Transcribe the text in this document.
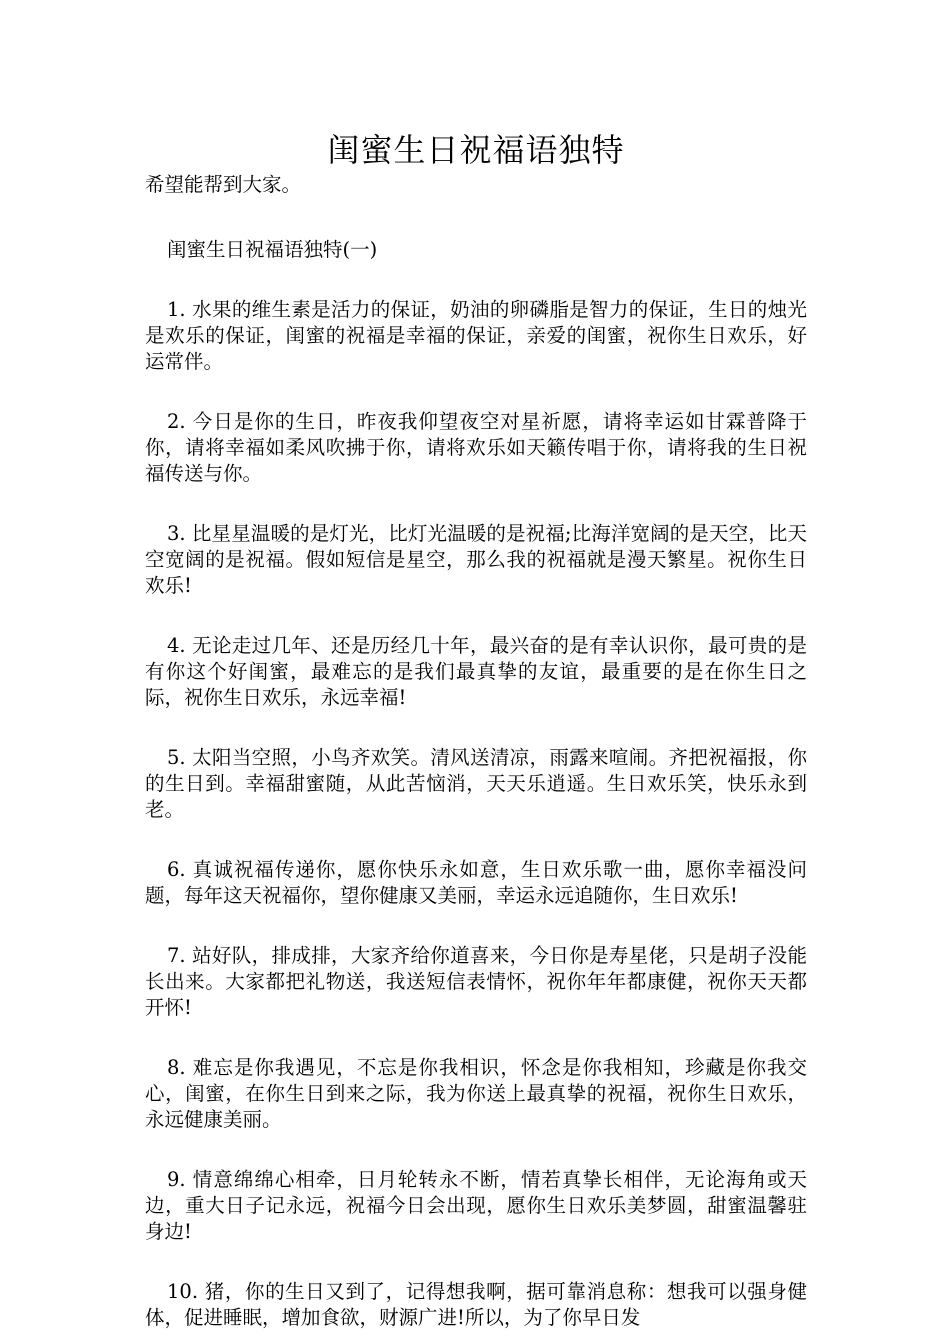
闺蜜生日祝福语独特

希望能帮到大家。

闺蜜生日祝福语独特(一)

1. 水果的维生素是活力的保证，奶油的卵磷脂是智力的保证，生日的烛光是欢乐的保证，闺蜜的祝福是幸福的保证，亲爱的闺蜜，祝你生日欢乐，好运常伴。

2. 今日是你的生日，昨夜我仰望夜空对星祈愿，请将幸运如甘霖普降于你，请将幸福如柔风吹拂于你，请将欢乐如天籁传唱于你，请将我的生日祝福传送与你。

3. 比星星温暖的是灯光，比灯光温暖的是祝福;比海洋宽阔的是天空，比天空宽阔的是祝福。假如短信是星空，那么我的祝福就是漫天繁星。祝你生日欢乐!

4. 无论走过几年、还是历经几十年，最兴奋的是有幸认识你，最可贵的是有你这个好闺蜜，最难忘的是我们最真挚的友谊，最重要的是在你生日之际，祝你生日欢乐，永远幸福!

5. 太阳当空照，小鸟齐欢笑。清风送清凉，雨露来喧闹。齐把祝福报，你的生日到。幸福甜蜜随，从此苦恼消，天天乐逍遥。生日欢乐笑，快乐永到老。

6. 真诚祝福传递你，愿你快乐永如意，生日欢乐歌一曲，愿你幸福没问题，每年这天祝福你，望你健康又美丽，幸运永远追随你，生日欢乐!

7. 站好队，排成排，大家齐给你道喜来，今日你是寿星佬，只是胡子没能长出来。大家都把礼物送，我送短信表情怀，祝你年年都康健，祝你天天都开怀!

8. 难忘是你我遇见，不忘是你我相识，怀念是你我相知，珍藏是你我交心，闺蜜，在你生日到来之际，我为你送上最真挚的祝福，祝你生日欢乐，永远健康美丽。

9. 情意绵绵心相牵，日月轮转永不断，情若真挚长相伴，无论海角或天边，重大日子记永远，祝福今日会出现，愿你生日欢乐美梦圆，甜蜜温馨驻身边!

10. 猪，你的生日又到了，记得想我啊，据可靠消息称：想我可以强身健体，促进睡眠，增加食欲，财源广进!所以，为了你早日发
